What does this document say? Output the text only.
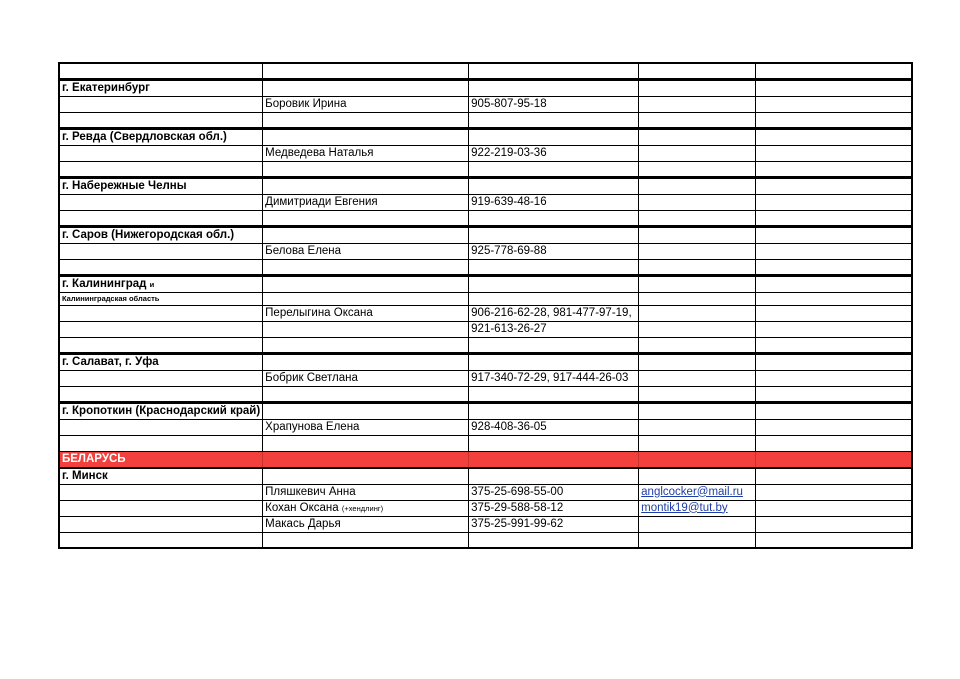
г. Екатеринбург				
	Боровик Ирина	905-807-95-18		

г. Ревда (Свердловская обл.)				
	Медведева Наталья	922-219-03-36		

г. Набережные Челны				
	Димитриади Евгения	919-639-48-16		

г. Саров (Нижегородская обл.)				
	Белова Елена	925-778-69-88		

г. Калининград и				
Калининградская область				
	Перелыгина Оксана	906-216-62-28, 981-477-97-19,		
		921-613-26-27		

г. Салават, г. Уфа				
	Бобрик Светлана	917-340-72-29, 917-444-26-03		

г. Кропоткин (Краснодарский край)				
	Храпунова Елена	928-408-36-05		

БЕЛАРУСЬ				
г. Минск				
	Пляшкевич Анна	375-25-698-55-00	anglcocker@mail.ru	
	Кохан Оксана (+хендлинг)	375-29-588-58-12	montik19@tut.by	
	Макась Дарья	375-25-991-99-62		
